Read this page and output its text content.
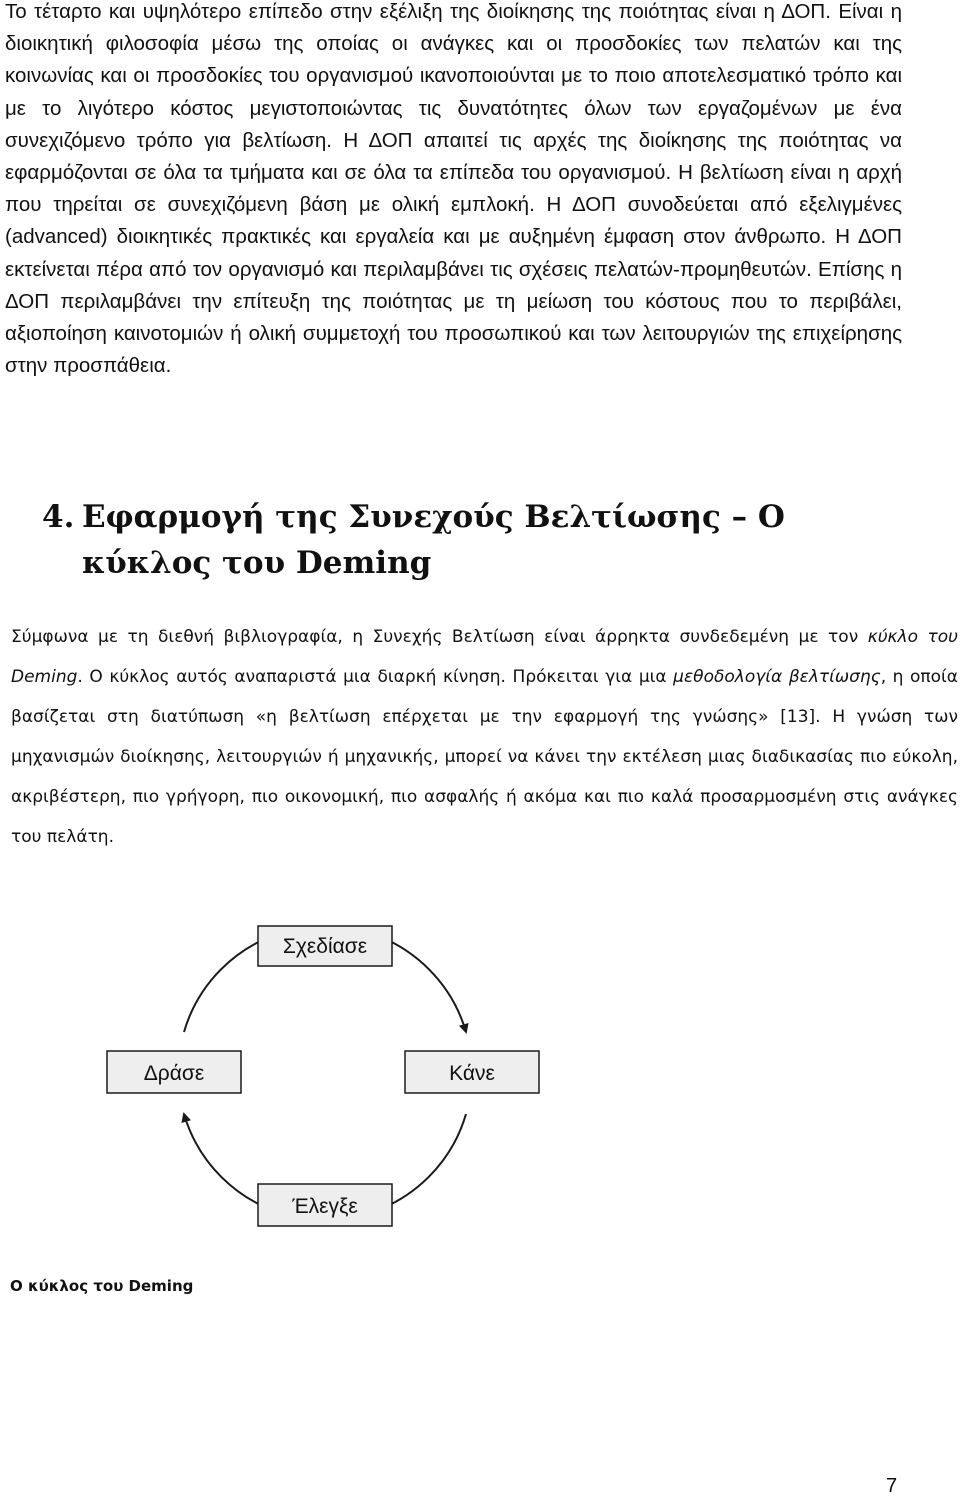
Το τέταρτο και υψηλότερο επίπεδο στην εξέλιξη της διοίκησης της ποιότητας είναι η ΔΟΠ. Είναι η διοικητική φιλοσοφία μέσω της οποίας οι ανάγκες και οι προσδοκίες των πελατών και της κοινωνίας και οι προσδοκίες του οργανισμού ικανοποιούνται με το ποιο αποτελεσματικό τρόπο και με το λιγότερο κόστος μεγιστοποιώντας τις δυνατότητες όλων των εργαζομένων με ένα συνεχιζόμενο τρόπο για βελτίωση. Η ΔΟΠ απαιτεί τις αρχές της διοίκησης της ποιότητας να εφαρμόζονται σε όλα τα τμήματα και σε όλα τα επίπεδα του οργανισμού. Η βελτίωση είναι η αρχή που τηρείται σε συνεχιζόμενη βάση με ολική εμπλοκή. Η ΔΟΠ συνοδεύεται από εξελιγμένες (advanced) διοικητικές πρακτικές και εργαλεία και με αυξημένη έμφαση στον άνθρωπο. Η ΔΟΠ εκτείνεται πέρα από τον οργανισμό και περιλαμβάνει τις σχέσεις πελατών-προμηθευτών. Επίσης η ΔΟΠ περιλαμβάνει την επίτευξη της ποιότητας με τη μείωση του κόστους που το περιβάλει, αξιοποίηση καινοτομιών ή ολική συμμετοχή του προσωπικού και των λειτουργιών της επιχείρησης στην προσπάθεια.

4. Εφαρμογή της Συνεχούς Βελτίωσης – Ο κύκλος του Deming

Σύμφωνα με τη διεθνή βιβλιογραφία, η Συνεχής Βελτίωση είναι άρρηκτα συνδεδεμένη με τον κύκλο του Deming. Ο κύκλος αυτός αναπαριστά μια διαρκή κίνηση. Πρόκειται για μια μεθοδολογία βελτίωσης, η οποία βασίζεται στη διατύπωση «η βελτίωση επέρχεται με την εφαρμογή της γνώσης» [13]. Η γνώση των μηχανισμών διοίκησης, λειτουργιών ή μηχανικής, μπορεί να κάνει την εκτέλεση μιας διαδικασίας πιο εύκολη, ακριβέστερη, πιο γρήγορη, πιο οικονομική, πιο ασφαλής ή ακόμα και πιο καλά προσαρμοσμένη στις ανάγκες του πελάτη.

Σχεδίασε
Κάνε
Έλεγξε
Δράσε

Ο κύκλος του Deming

7
